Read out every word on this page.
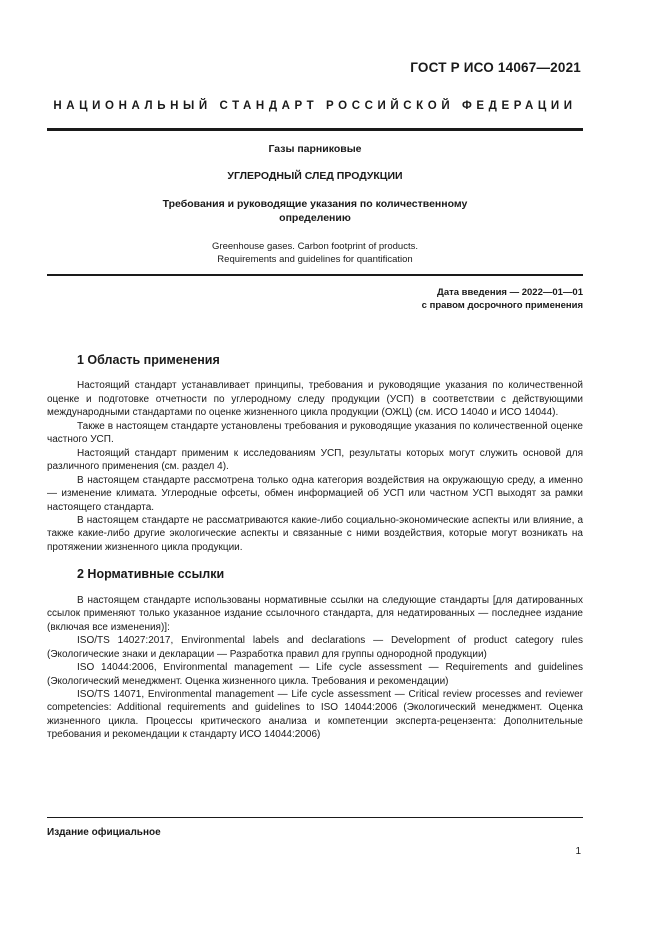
ГОСТ Р ИСО 14067—2021
НАЦИОНАЛЬНЫЙ СТАНДАРТ РОССИЙСКОЙ ФЕДЕРАЦИИ
Газы парниковые
УГЛЕРОДНЫЙ СЛЕД ПРОДУКЦИИ
Требования и руководящие указания по количественному определению
Greenhouse gases. Carbon footprint of products.
Requirements and guidelines for quantification
Дата введения — 2022—01—01
с правом досрочного применения
1 Область применения

Настоящий стандарт устанавливает принципы, требования и руководящие указания по количественной оценке и подготовке отчетности по углеродному следу продукции (УСП) в соответствии с действующими международными стандартами по оценке жизненного цикла продукции (ОЖЦ) (см. ИСО 14040 и ИСО 14044).

Также в настоящем стандарте установлены требования и руководящие указания по количественной оценке частного УСП.

Настоящий стандарт применим к исследованиям УСП, результаты которых могут служить основой для различного применения (см. раздел 4).

В настоящем стандарте рассмотрена только одна категория воздействия на окружающую среду, а именно — изменение климата. Углеродные офсеты, обмен информацией об УСП или частном УСП выходят за рамки настоящего стандарта.

В настоящем стандарте не рассматриваются какие-либо социально-экономические аспекты или влияние, а также какие-либо другие экологические аспекты и связанные с ними воздействия, которые могут возникать на протяжении жизненного цикла продукции.

2 Нормативные ссылки

В настоящем стандарте использованы нормативные ссылки на следующие стандарты [для датированных ссылок применяют только указанное издание ссылочного стандарта, для недатированных — последнее издание (включая все изменения)]:

ISO/TS 14027:2017, Environmental labels and declarations — Development of product category rules (Экологические знаки и декларации — Разработка правил для группы однородной продукции)

ISO 14044:2006, Environmental management — Life cycle assessment — Requirements and guidelines (Экологический менеджмент. Оценка жизненного цикла. Требования и рекомендации)

ISO/TS 14071, Environmental management — Life cycle assessment — Critical review processes and reviewer competencies: Additional requirements and guidelines to ISO 14044:2006 (Экологический менеджмент. Оценка жизненного цикла. Процессы критического анализа и компетенции эксперта-рецензента: Дополнительные требования и рекомендации к стандарту ИСО 14044:2006)

Издание официальное
1
